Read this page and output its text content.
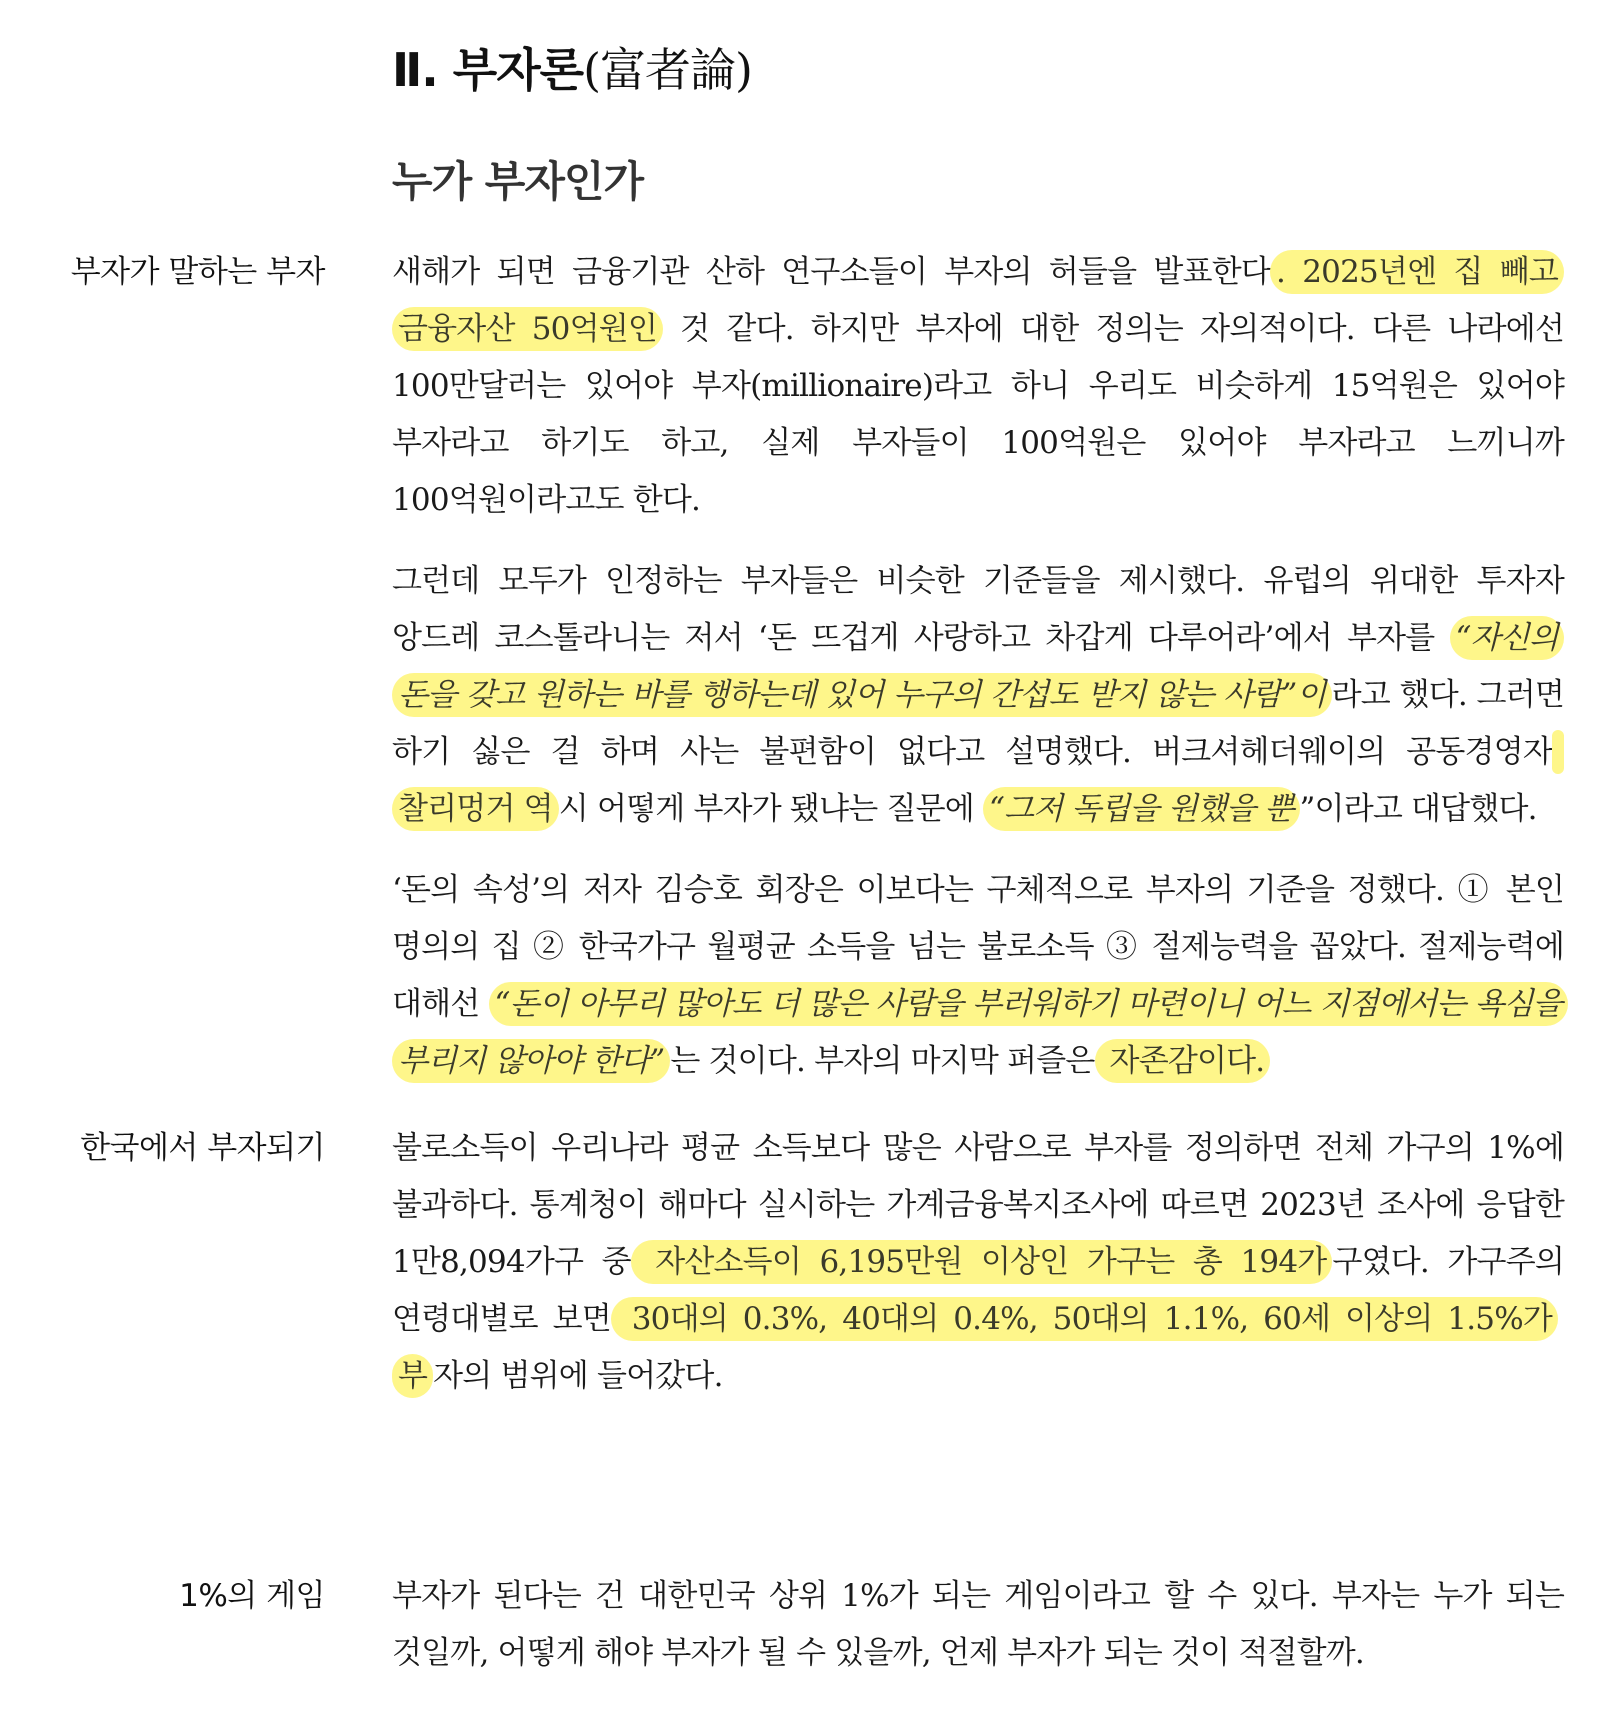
Ⅱ. 부자론(富者論)
누가 부자인가
부자가 말하는 부자 새해가 되면 금융기관 산하 연구소들이 부자의 허들을 발표한다 . 2025년엔 집 빼고 금융자산 50억원인 것 같다. 하지만 부자에 대한 정의는 자의적이다. 다른 나라에선 100만달러는 있어야 부자(millionaire)라고 하니 우리도 비슷하게 15억원은 있어야 부자라고 하기도 하고, 실제 부자들이 100억원은 있어야 부자라고 느끼니까 100억원이라고도 한다.

그런데 모두가 인정하는 부자들은 비슷한 기준들을 제시했다. 유럽의 위대한 투자자 앙드레 코스톨라니는 저서 ‘돈 뜨겁게 사랑하고 차갑게 다루어라’에서 부자를 “자신의 돈을 갖고 원하는 바를 행하는데 있어 누구의 간섭도 받지 않는 사람”이 라고 했다. 그러면 하기 싫은 걸 하며 사는 불편함이 없다고 설명했다. 버크셔헤더웨이의 공동경영자 찰리멍거 역 시 어떻게 부자가 됐냐는 질문에 “그저 독립을 원했을 뿐 ”이라고 대답했다.

‘돈의 속성’의 저자 김승호 회장은 이보다는 구체적으로 부자의 기준을 정했다. ① 본인 명의의 집 ② 한국가구 월평균 소득을 넘는 불로소득 ③ 절제능력을 꼽았다. 절제능력에 대해선 “돈이 아무리 많아도 더 많은 사람을 부러워하기 마련이니 어느 지점에서는 욕심을 부리지 않아야 한다” 는 것이다. 부자의 마지막 퍼즐은 자존감이다.

한국에서 부자되기 불로소득이 우리나라 평균 소득보다 많은 사람으로 부자를 정의하면 전체 가구의 1%에 불과하다. 통계청이 해마다 실시하는 가계금융복지조사에 따르면 2023년 조사에 응답한 1만8,094가구 중 자산소득이 6,195만원 이상인 가구는 총 194가 구였다. 가구주의 연령대별로 보면 30대의 0.3%, 40대의 0.4%, 50대의 1.1%, 60세 이상의 1.5%가 부 자의 범위에 들어갔다.

1%의 게임 부자가 된다는 건 대한민국 상위 1%가 되는 게임이라고 할 수 있다. 부자는 누가 되는 것일까, 어떻게 해야 부자가 될 수 있을까, 언제 부자가 되는 것이 적절할까.
